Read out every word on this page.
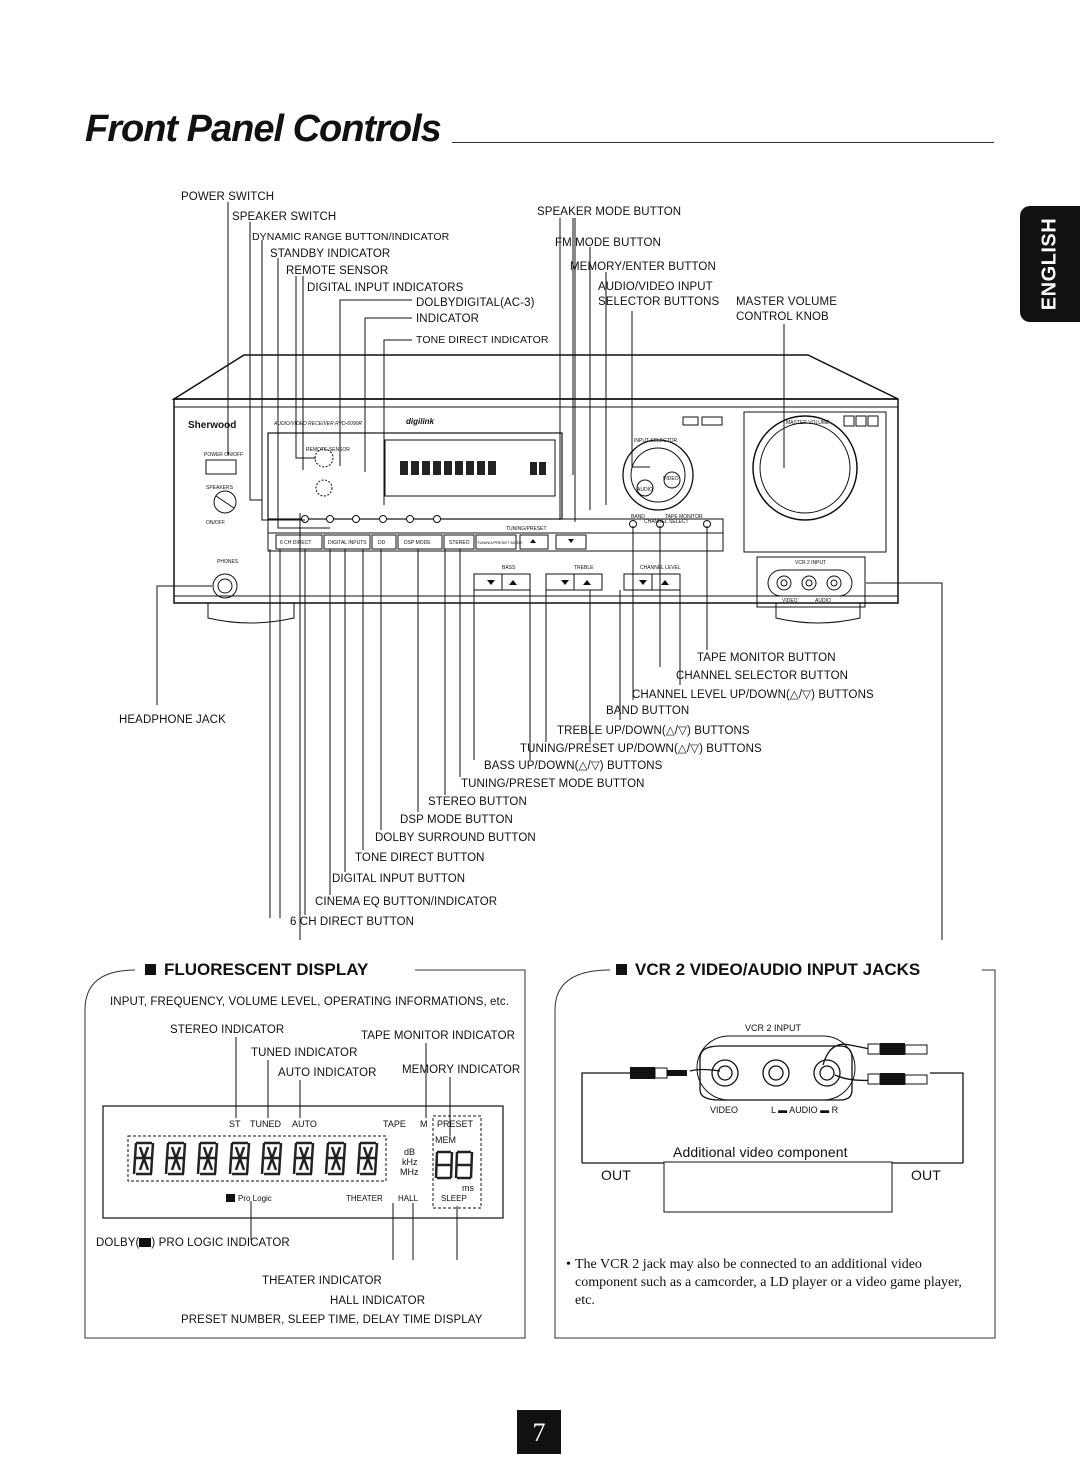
Front Panel Controls
ENGLISH
POWER SWITCH
SPEAKER SWITCH
DYNAMIC RANGE BUTTON/INDICATOR
STANDBY INDICATOR
REMOTE SENSOR
DIGITAL INPUT INDICATORS
DOLBYDIGITAL(AC-3)
INDICATOR
TONE DIRECT INDICATOR
SPEAKER MODE BUTTON
FM MODE BUTTON
MEMORY/ENTER BUTTON
AUDIO/VIDEO INPUT
SELECTOR BUTTONS MASTER VOLUME
CONTROL KNOB
Sherwood	AUDIO/VIDEO RECEIVER RVD-6090R	digilink	MASTER VOLUME
INPUT SELECTOR
POWER ON/OFF
SPEAKERS
ON/OFF
PHONES
REMOTE SENSOR
TUNING/PRESET
BASS	TREBLE	CHANNEL LEVEL
VCR 2 INPUT
VIDEO	AUDIO
BAND	TAPE MONITOR
CHANNEL SELECT
6 CH DIRECT	DIGITAL INPUTS DD	DSP MODE	STEREO TUNING/PRESET MODE
VIDEO
AUDIO
HEADPHONE JACK
TAPE MONITOR BUTTON
CHANNEL SELECTOR BUTTON
CHANNEL LEVEL UP/DOWN(△/▽) BUTTONS
BAND BUTTON
TREBLE UP/DOWN(△/▽) BUTTONS
TUNING/PRESET UP/DOWN(△/▽) BUTTONS
BASS UP/DOWN(△/▽) BUTTONS
TUNING/PRESET MODE BUTTON
STEREO BUTTON
DSP MODE BUTTON
DOLBY SURROUND BUTTON
TONE DIRECT BUTTON
DIGITAL INPUT BUTTON
CINEMA EQ BUTTON/INDICATOR
6 CH DIRECT BUTTON
FLUORESCENT DISPLAY
INPUT, FREQUENCY, VOLUME LEVEL, OPERATING INFORMATIONS, etc.
STEREO INDICATOR	TAPE MONITOR INDICATOR
TUNED INDICATOR
AUTO INDICATOR MEMORY INDICATOR
ST TUNED AUTO	TAPE M PRESET
MEM
dB
kHz
MHz
ms
Pro Logic	THEATER HALL	SLEEP
DOLBY( ) PRO LOGIC INDICATOR
THEATER INDICATOR
HALL INDICATOR
PRESET NUMBER, SLEEP TIME, DELAY TIME DISPLAY
VCR 2 VIDEO/AUDIO INPUT JACKS
VCR 2 INPUT
VIDEO	L ▬ AUDIO ▬ R
Additional video component
OUT	OUT
• The VCR 2 jack may also be connected to an additional video component such as a camcorder, a LD player or a video game player, etc.
7
